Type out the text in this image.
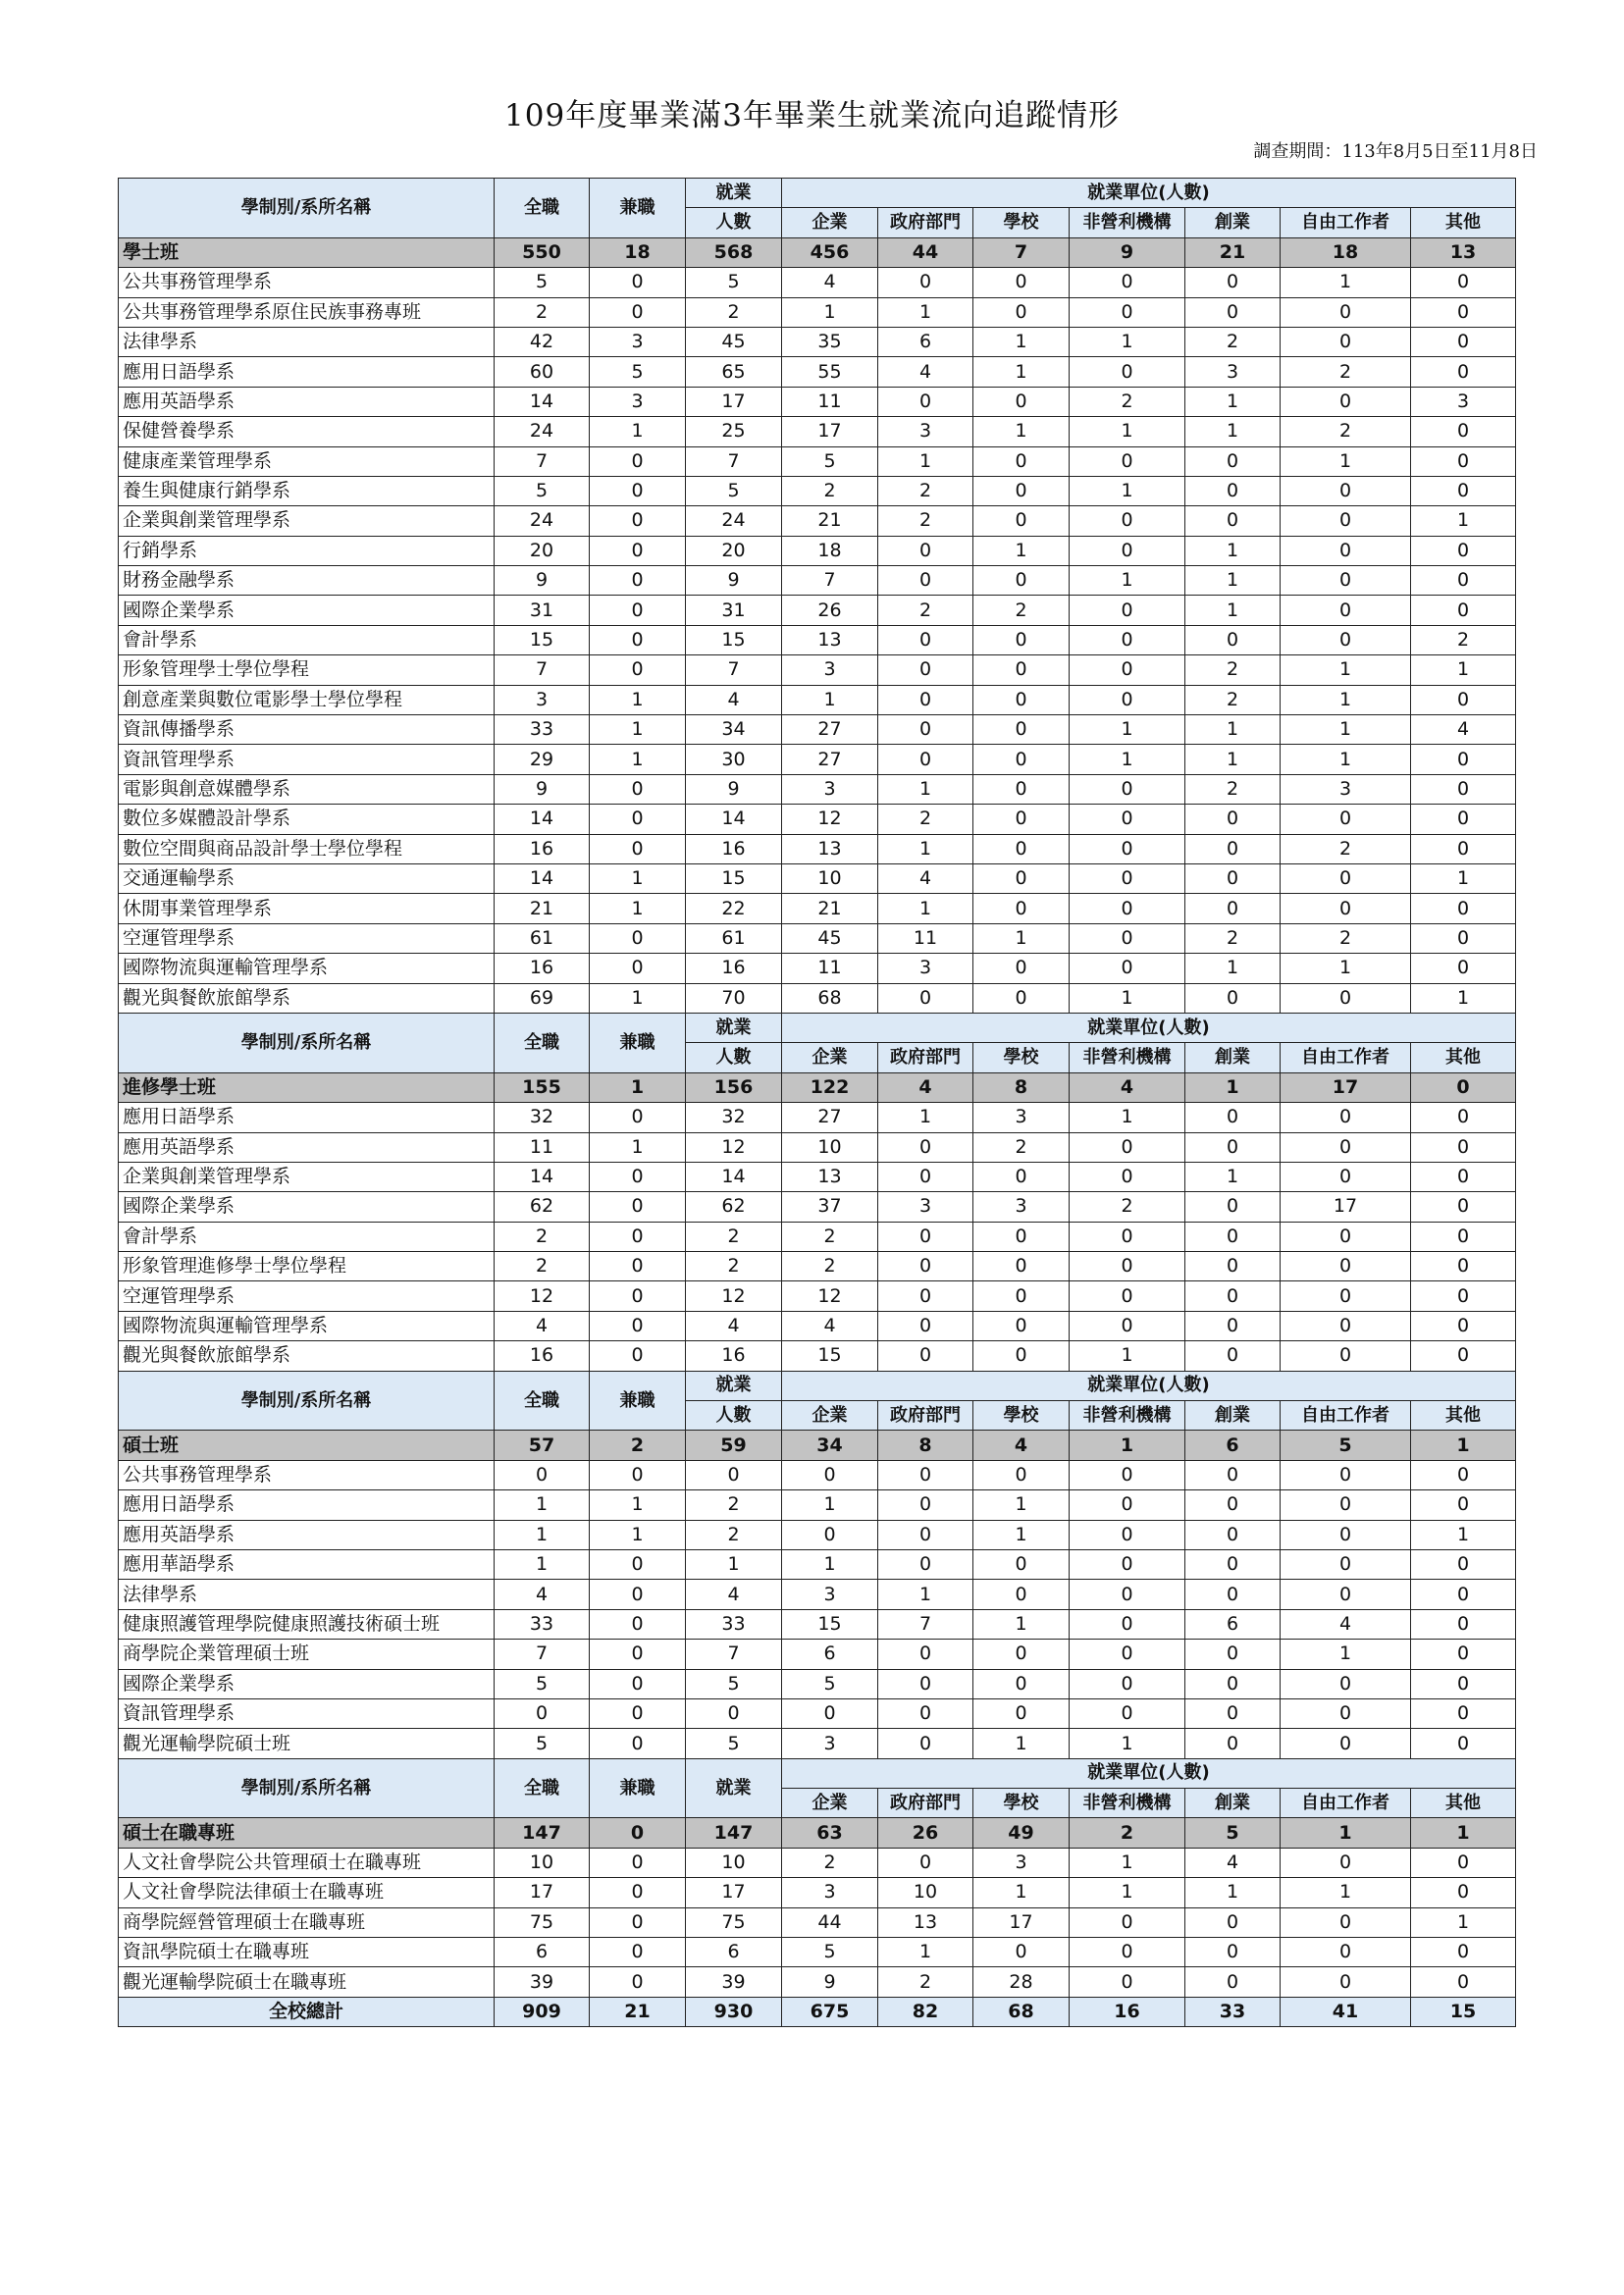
109年度畢業滿3年畢業生就業流向追蹤情形
調查期間：113年8月5日至11月8日
學制別/系所名稱	全職	兼職	就業	就業單位(人數)						
			人數	企業	政府部門	學校	非營利機構	創業	自由工作者	其他
學士班	550	18	568	456	44	7	9	21	18	13
公共事務管理學系	5	0	5	4	0	0	0	0	1	0
公共事務管理學系原住民族事務專班	2	0	2	1	1	0	0	0	0	0
法律學系	42	3	45	35	6	1	1	2	0	0
應用日語學系	60	5	65	55	4	1	0	3	2	0
應用英語學系	14	3	17	11	0	0	2	1	0	3
保健營養學系	24	1	25	17	3	1	1	1	2	0
健康產業管理學系	7	0	7	5	1	0	0	0	1	0
養生與健康行銷學系	5	0	5	2	2	0	1	0	0	0
企業與創業管理學系	24	0	24	21	2	0	0	0	0	1
行銷學系	20	0	20	18	0	1	0	1	0	0
財務金融學系	9	0	9	7	0	0	1	1	0	0
國際企業學系	31	0	31	26	2	2	0	1	0	0
會計學系	15	0	15	13	0	0	0	0	0	2
形象管理學士學位學程	7	0	7	3	0	0	0	2	1	1
創意產業與數位電影學士學位學程	3	1	4	1	0	0	0	2	1	0
資訊傳播學系	33	1	34	27	0	0	1	1	1	4
資訊管理學系	29	1	30	27	0	0	1	1	1	0
電影與創意媒體學系	9	0	9	3	1	0	0	2	3	0
數位多媒體設計學系	14	0	14	12	2	0	0	0	0	0
數位空間與商品設計學士學位學程	16	0	16	13	1	0	0	0	2	0
交通運輸學系	14	1	15	10	4	0	0	0	0	1
休閒事業管理學系	21	1	22	21	1	0	0	0	0	0
空運管理學系	61	0	61	45	11	1	0	2	2	0
國際物流與運輸管理學系	16	0	16	11	3	0	0	1	1	0
觀光與餐飲旅館學系	69	1	70	68	0	0	1	0	0	1
學制別/系所名稱	全職	兼職	就業	就業單位(人數)						
			人數	企業	政府部門	學校	非營利機構	創業	自由工作者	其他
進修學士班	155	1	156	122	4	8	4	1	17	0
應用日語學系	32	0	32	27	1	3	1	0	0	0
應用英語學系	11	1	12	10	0	2	0	0	0	0
企業與創業管理學系	14	0	14	13	0	0	0	1	0	0
國際企業學系	62	0	62	37	3	3	2	0	17	0
會計學系	2	0	2	2	0	0	0	0	0	0
形象管理進修學士學位學程	2	0	2	2	0	0	0	0	0	0
空運管理學系	12	0	12	12	0	0	0	0	0	0
國際物流與運輸管理學系	4	0	4	4	0	0	0	0	0	0
觀光與餐飲旅館學系	16	0	16	15	0	0	1	0	0	0
學制別/系所名稱	全職	兼職	就業	就業單位(人數)						
			人數	企業	政府部門	學校	非營利機構	創業	自由工作者	其他
碩士班	57	2	59	34	8	4	1	6	5	1
公共事務管理學系	0	0	0	0	0	0	0	0	0	0
應用日語學系	1	1	2	1	0	1	0	0	0	0
應用英語學系	1	1	2	0	0	1	0	0	0	1
應用華語學系	1	0	1	1	0	0	0	0	0	0
法律學系	4	0	4	3	1	0	0	0	0	0
健康照護管理學院健康照護技術碩士班	33	0	33	15	7	1	0	6	4	0
商學院企業管理碩士班	7	0	7	6	0	0	0	0	1	0
國際企業學系	5	0	5	5	0	0	0	0	0	0
資訊管理學系	0	0	0	0	0	0	0	0	0	0
觀光運輸學院碩士班	5	0	5	3	0	1	1	0	0	0
學制別/系所名稱	全職	兼職	就業	就業單位(人數)						
				企業	政府部門	學校	非營利機構	創業	自由工作者	其他
碩士在職專班	147	0	147	63	26	49	2	5	1	1
人文社會學院公共管理碩士在職專班	10	0	10	2	0	3	1	4	0	0
人文社會學院法律碩士在職專班	17	0	17	3	10	1	1	1	1	0
商學院經營管理碩士在職專班	75	0	75	44	13	17	0	0	0	1
資訊學院碩士在職專班	6	0	6	5	1	0	0	0	0	0
觀光運輸學院碩士在職專班	39	0	39	9	2	28	0	0	0	0
全校總計	909	21	930	675	82	68	16	33	41	15
